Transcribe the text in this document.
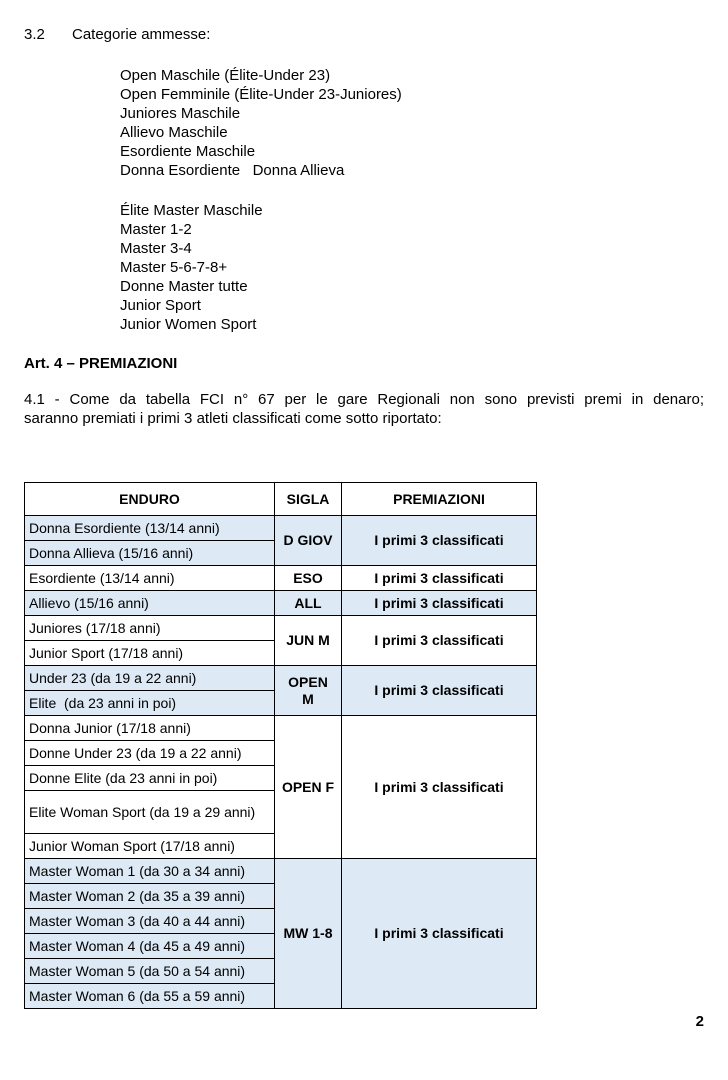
3.2 Categorie ammesse:
Open Maschile (Élite-Under 23)
Open Femminile (Élite-Under 23-Juniores)
Juniores Maschile
Allievo Maschile
Esordiente Maschile
Donna Esordiente   Donna Allieva
Élite Master Maschile
Master 1-2
Master 3-4
Master 5-6-7-8+
Donne Master tutte
Junior Sport
Junior Women Sport
Art. 4 – PREMIAZIONI
4.1 - Come da tabella FCI n° 67 per le gare Regionali non sono previsti premi in denaro;
saranno premiati i primi 3 atleti classificati come sotto riportato:
ENDURO	SIGLA	PREMIAZIONI
Donna Esordiente (13/14 anni)	D GIOV	I primi 3 classificati
Donna Allieva (15/16 anni)		
Esordiente (13/14 anni)	ESO	I primi 3 classificati
Allievo (15/16 anni)	ALL	I primi 3 classificati
Juniores (17/18 anni)	JUN M	I primi 3 classificati
Junior Sport (17/18 anni)		
Under 23 (da 19 a 22 anni)	OPEN M	I primi 3 classificati
Elite  (da 23 anni in poi)		
Donna Junior (17/18 anni)	OPEN F	I primi 3 classificati
Donne Under 23 (da 19 a 22 anni)		
Donne Elite (da 23 anni in poi)		
Elite Woman Sport (da 19 a 29 anni)		
Junior Woman Sport (17/18 anni)		
Master Woman 1 (da 30 a 34 anni)	MW 1-8	I primi 3 classificati
Master Woman 2 (da 35 a 39 anni)		
Master Woman 3 (da 40 a 44 anni)		
Master Woman 4 (da 45 a 49 anni)		
Master Woman 5 (da 50 a 54 anni)		
Master Woman 6 (da 55 a 59 anni)		
2
